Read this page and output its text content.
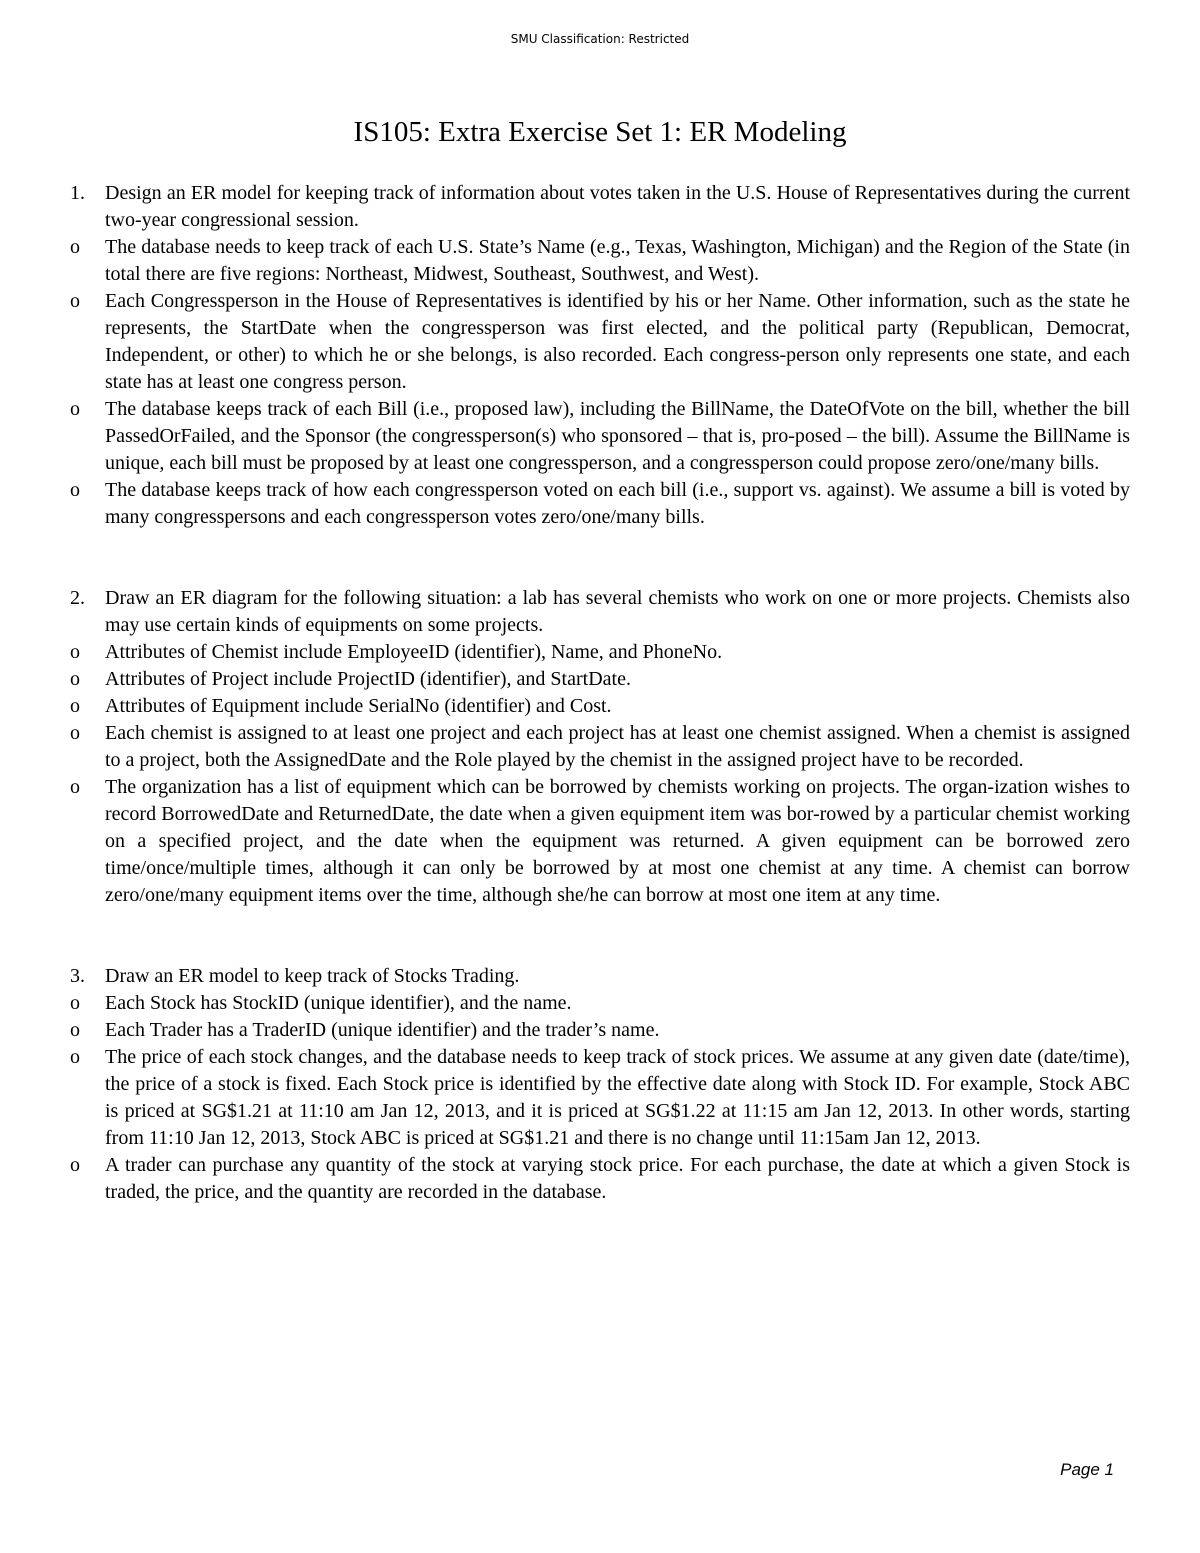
SMU Classification: Restricted
IS105: Extra Exercise Set 1: ER Modeling
1.	Design an ER model for keeping track of information about votes taken in the U.S. House of Representatives during the current two-year congressional session.
o	The database needs to keep track of each U.S. State’s Name (e.g., Texas, Washington, Michigan) and the Region of the State (in total there are five regions: Northeast, Midwest, Southeast, Southwest, and West).
o	Each Congressperson in the House of Representatives is identified by his or her Name. Other information, such as the state he represents, the StartDate when the congressperson was first elected, and the political party (Republican, Democrat, Independent, or other) to which he or she belongs, is also recorded. Each congress-person only represents one state, and each state has at least one congress person.
o	The database keeps track of each Bill (i.e., proposed law), including the BillName, the DateOfVote on the bill, whether the bill PassedOrFailed, and the Sponsor (the congressperson(s) who sponsored – that is, pro-posed – the bill). Assume the BillName is unique, each bill must be proposed by at least one congressperson, and a congressperson could propose zero/one/many bills.
o	The database keeps track of how each congressperson voted on each bill (i.e., support vs. against). We assume a bill is voted by many congresspersons and each congressperson votes zero/one/many bills.
2.	Draw an ER diagram for the following situation: a lab has several chemists who work on one or more projects. Chemists also may use certain kinds of equipments on some projects.
o	Attributes of Chemist include EmployeeID (identifier), Name, and PhoneNo.
o	Attributes of Project include ProjectID (identifier), and StartDate.
o	Attributes of Equipment include SerialNo (identifier) and Cost.
o	Each chemist is assigned to at least one project and each project has at least one chemist assigned. When a chemist is assigned to a project, both the AssignedDate and the Role played by the chemist in the assigned project have to be recorded.
o	The organization has a list of equipment which can be borrowed by chemists working on projects. The organ-ization wishes to record BorrowedDate and ReturnedDate, the date when a given equipment item was bor-rowed by a particular chemist working on a specified project, and the date when the equipment was returned. A given equipment can be borrowed zero time/once/multiple times, although it can only be borrowed by at most one chemist at any time. A chemist can borrow zero/one/many equipment items over the time, although she/he can borrow at most one item at any time.
3.	Draw an ER model to keep track of Stocks Trading.
o	Each Stock has StockID (unique identifier), and the name.
o	Each Trader has a TraderID (unique identifier) and the trader’s name.
o	The price of each stock changes, and the database needs to keep track of stock prices. We assume at any given date (date/time), the price of a stock is fixed. Each Stock price is identified by the effective date along with Stock ID. For example, Stock ABC is priced at SG$1.21 at 11:10 am Jan 12, 2013, and it is priced at SG$1.22 at 11:15 am Jan 12, 2013. In other words, starting from 11:10 Jan 12, 2013, Stock ABC is priced at SG$1.21 and there is no change until 11:15am Jan 12, 2013.
o	A trader can purchase any quantity of the stock at varying stock price. For each purchase, the date at which a given Stock is traded, the price, and the quantity are recorded in the database.
Page 1
